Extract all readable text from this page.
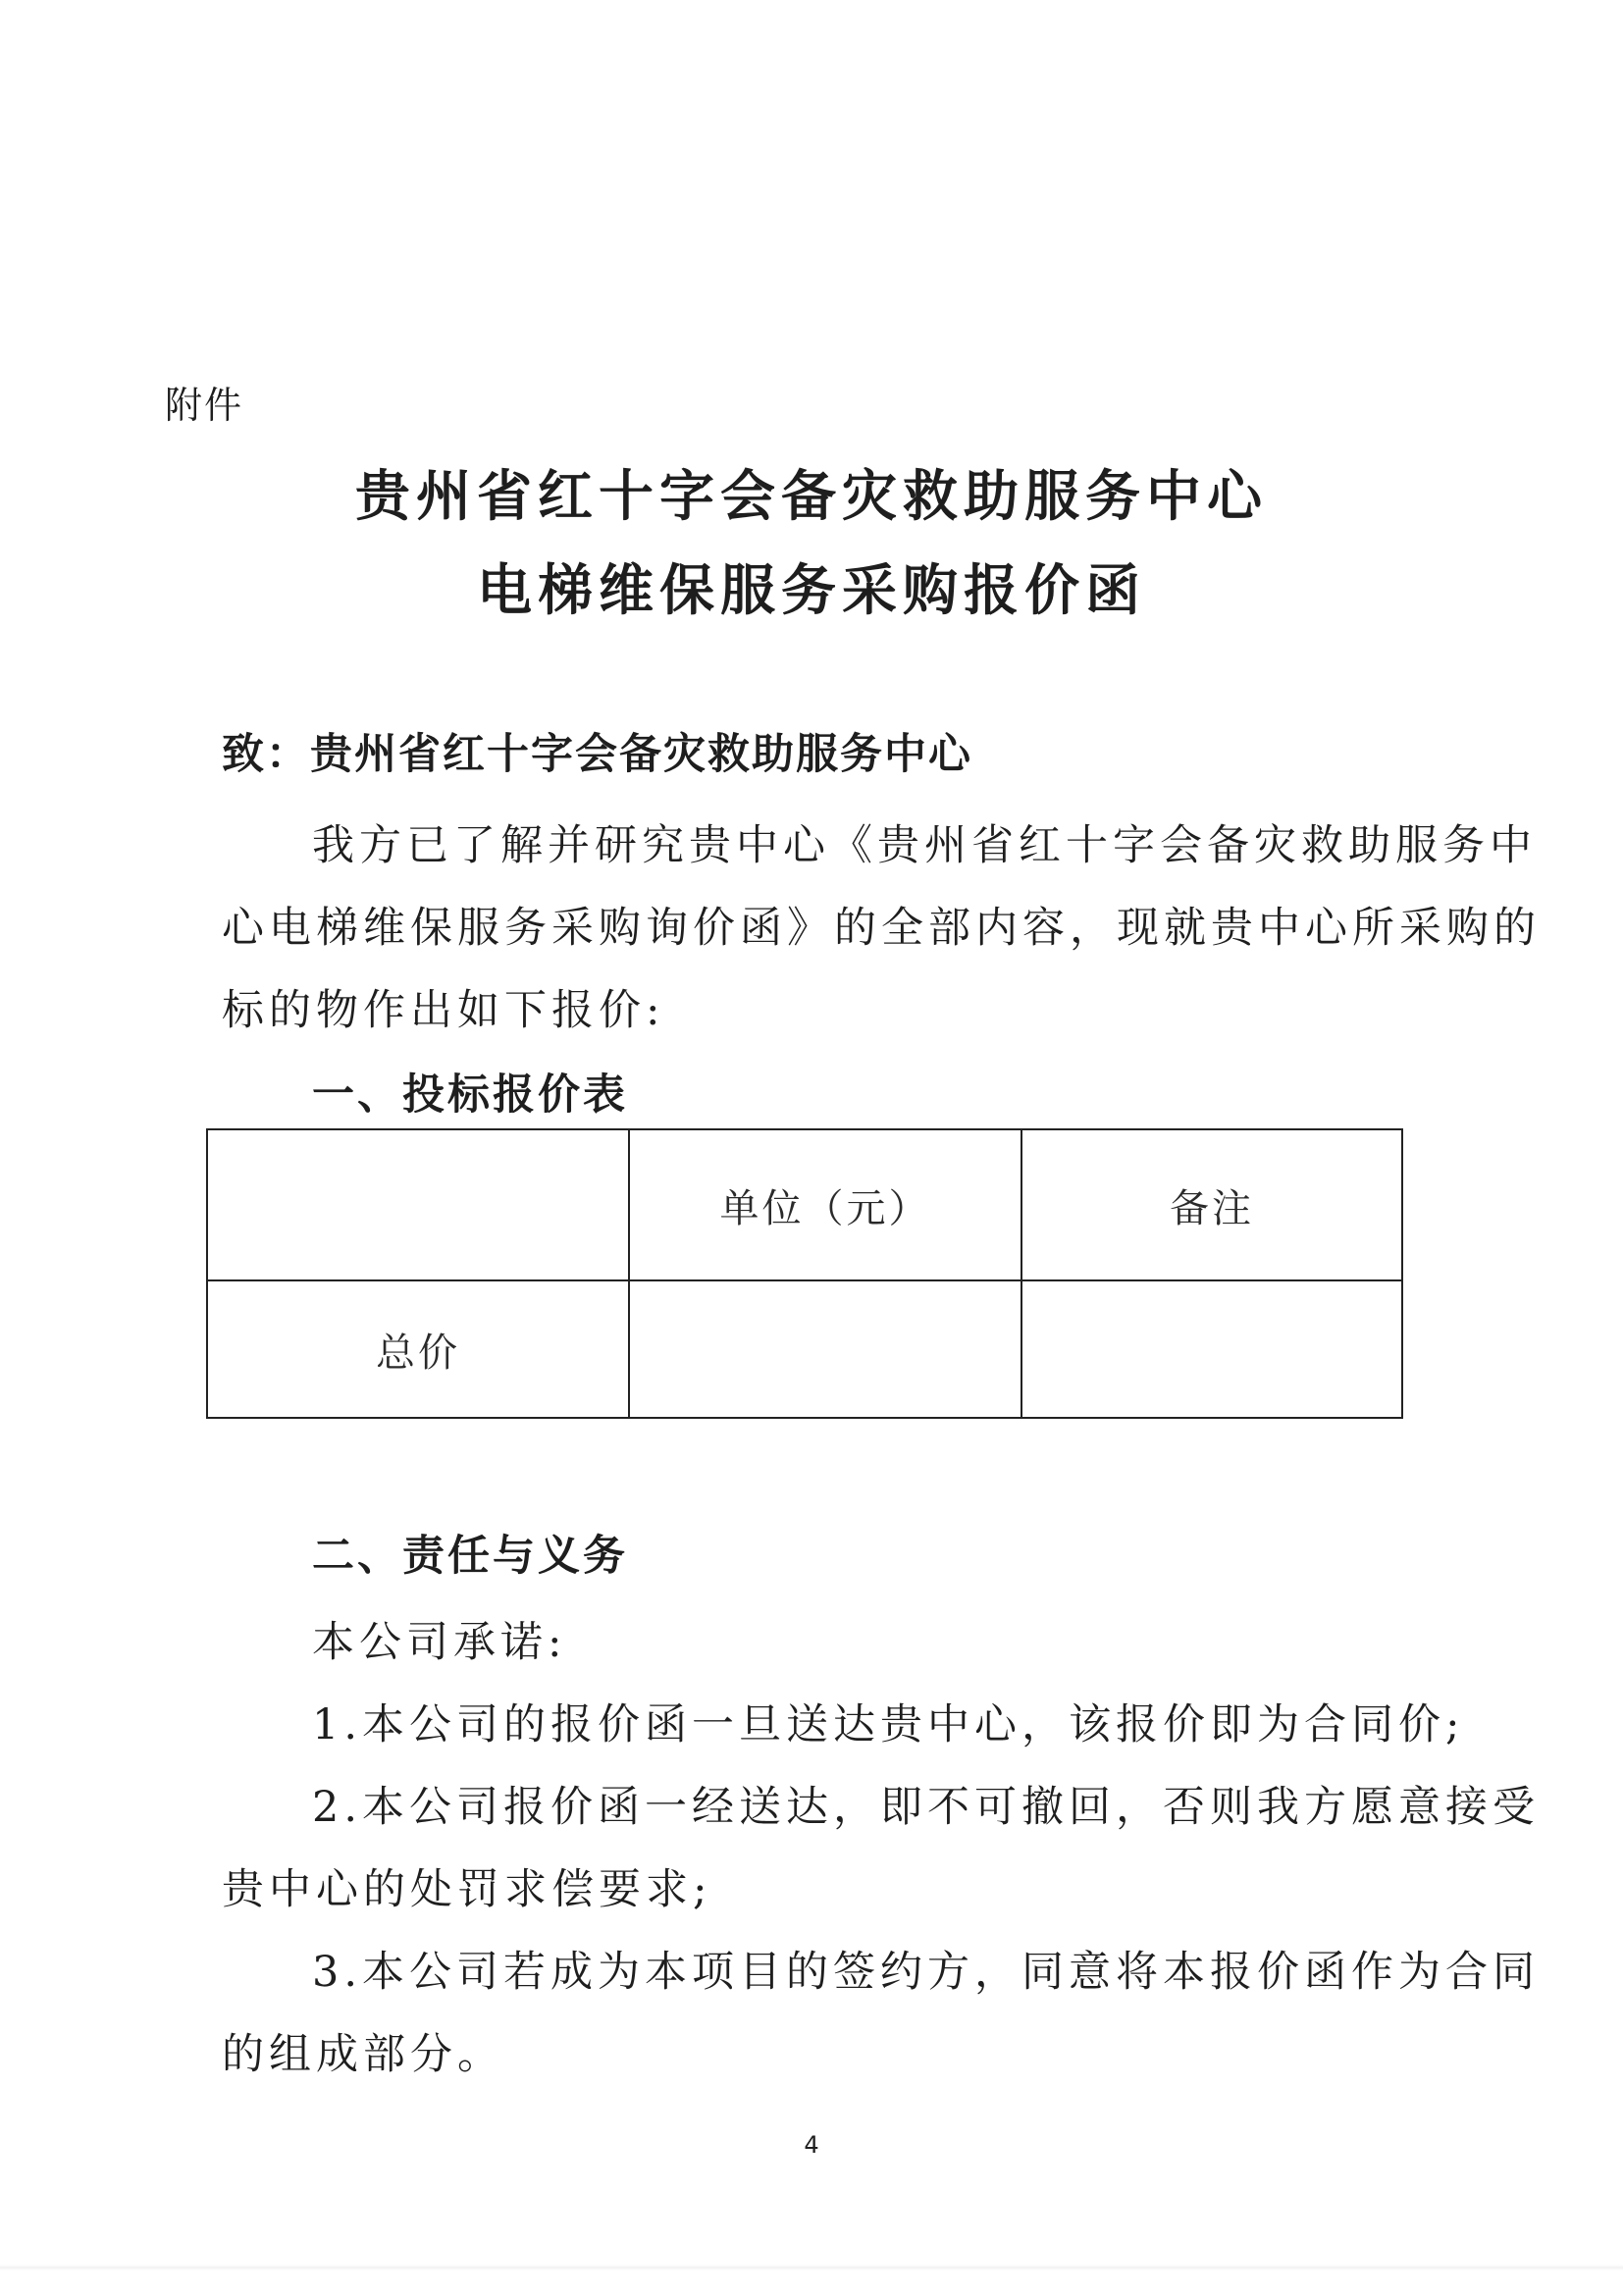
附件
贵州省红十字会备灾救助服务中心
电梯维保服务采购报价函
致：贵州省红十字会备灾救助服务中心
我方已了解并研究贵中心《贵州省红十字会备灾救助服务中
心电梯维保服务采购询价函》的全部内容，现就贵中心所采购的
标的物作出如下报价:
一、投标报价表
	单位（元）	备注
总价		
二、责任与义务
本公司承诺:
1.本公司的报价函一旦送达贵中心，该报价即为合同价;
2.本公司报价函一经送达，即不可撤回，否则我方愿意接受
贵中心的处罚求偿要求;
3.本公司若成为本项目的签约方，同意将本报价函作为合同
的组成部分。
4
